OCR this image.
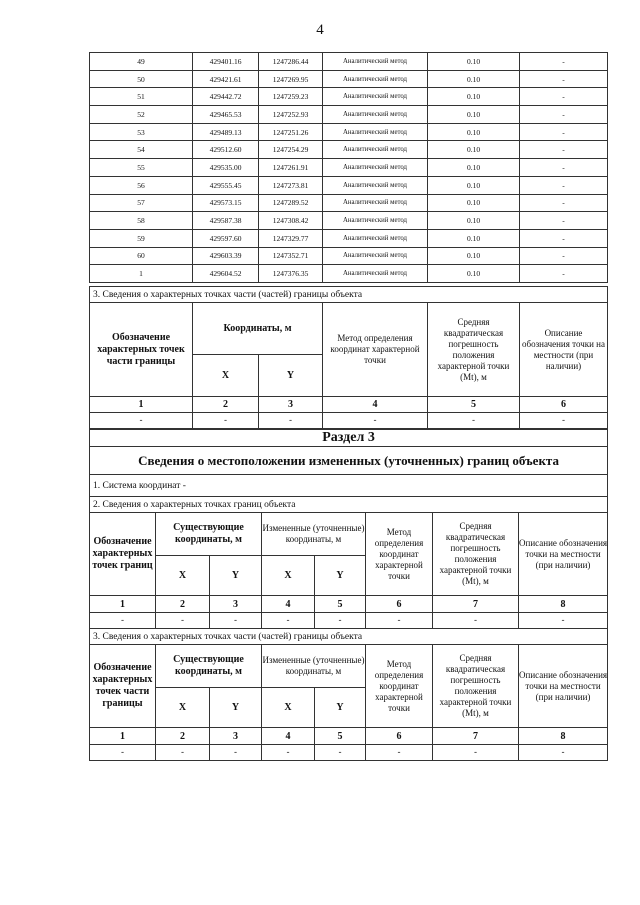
4
49	429401.16	1247286.44	Аналитический метод	0.10	-
50	429421.61	1247269.95	Аналитический метод	0.10	-
51	429442.72	1247259.23	Аналитический метод	0.10	-
52	429465.53	1247252.93	Аналитический метод	0.10	-
53	429489.13	1247251.26	Аналитический метод	0.10	-
54	429512.60	1247254.29	Аналитический метод	0.10	-
55	429535.00	1247261.91	Аналитический метод	0.10	-
56	429555.45	1247273.81	Аналитический метод	0.10	-
57	429573.15	1247289.52	Аналитический метод	0.10	-
58	429587.38	1247308.42	Аналитический метод	0.10	-
59	429597.60	1247329.77	Аналитический метод	0.10	-
60	429603.39	1247352.71	Аналитический метод	0.10	-
1	429604.52	1247376.35	Аналитический метод	0.10	-
3. Сведения о характерных точках части (частей) границы объекта					
Обозначение характерных точек части границы	Координаты, м		Метод определения координат характерной точки	Средняя квадратическая погрешность положения характерной точки (Mt), м	Описание обозначения точки на местности (при наличии)
	X	Y			
1	2	3	4	5	6
-	-	-	-	-	-
Раздел 3							
Сведения о местоположении измененных (уточненных) границ объекта							
1. Система координат -							
2. Сведения о характерных точках границ объекта							
Обозначение характерных точек границ	Существующие координаты, м		Измененные (уточненные) координаты, м		Метод определения координат характерной точки	Средняя квадратическая погрешность положения характерной точки (Mt), м	Описание обозначения точки на местности (при наличии)
	X	Y	X	Y			
1	2	3	4	5	6	7	8
-	-	-	-	-	-	-	-
3. Сведения о характерных точках части (частей) границы объекта							
Обозначение характерных точек части границы	Существующие координаты, м		Измененные (уточненные) координаты, м		Метод определения координат характерной точки	Средняя квадратическая погрешность положения характерной точки (Mt), м	Описание обозначения точки на местности (при наличии)
	X	Y	X	Y			
1	2	3	4	5	6	7	8
-	-	-	-	-	-	-	-
